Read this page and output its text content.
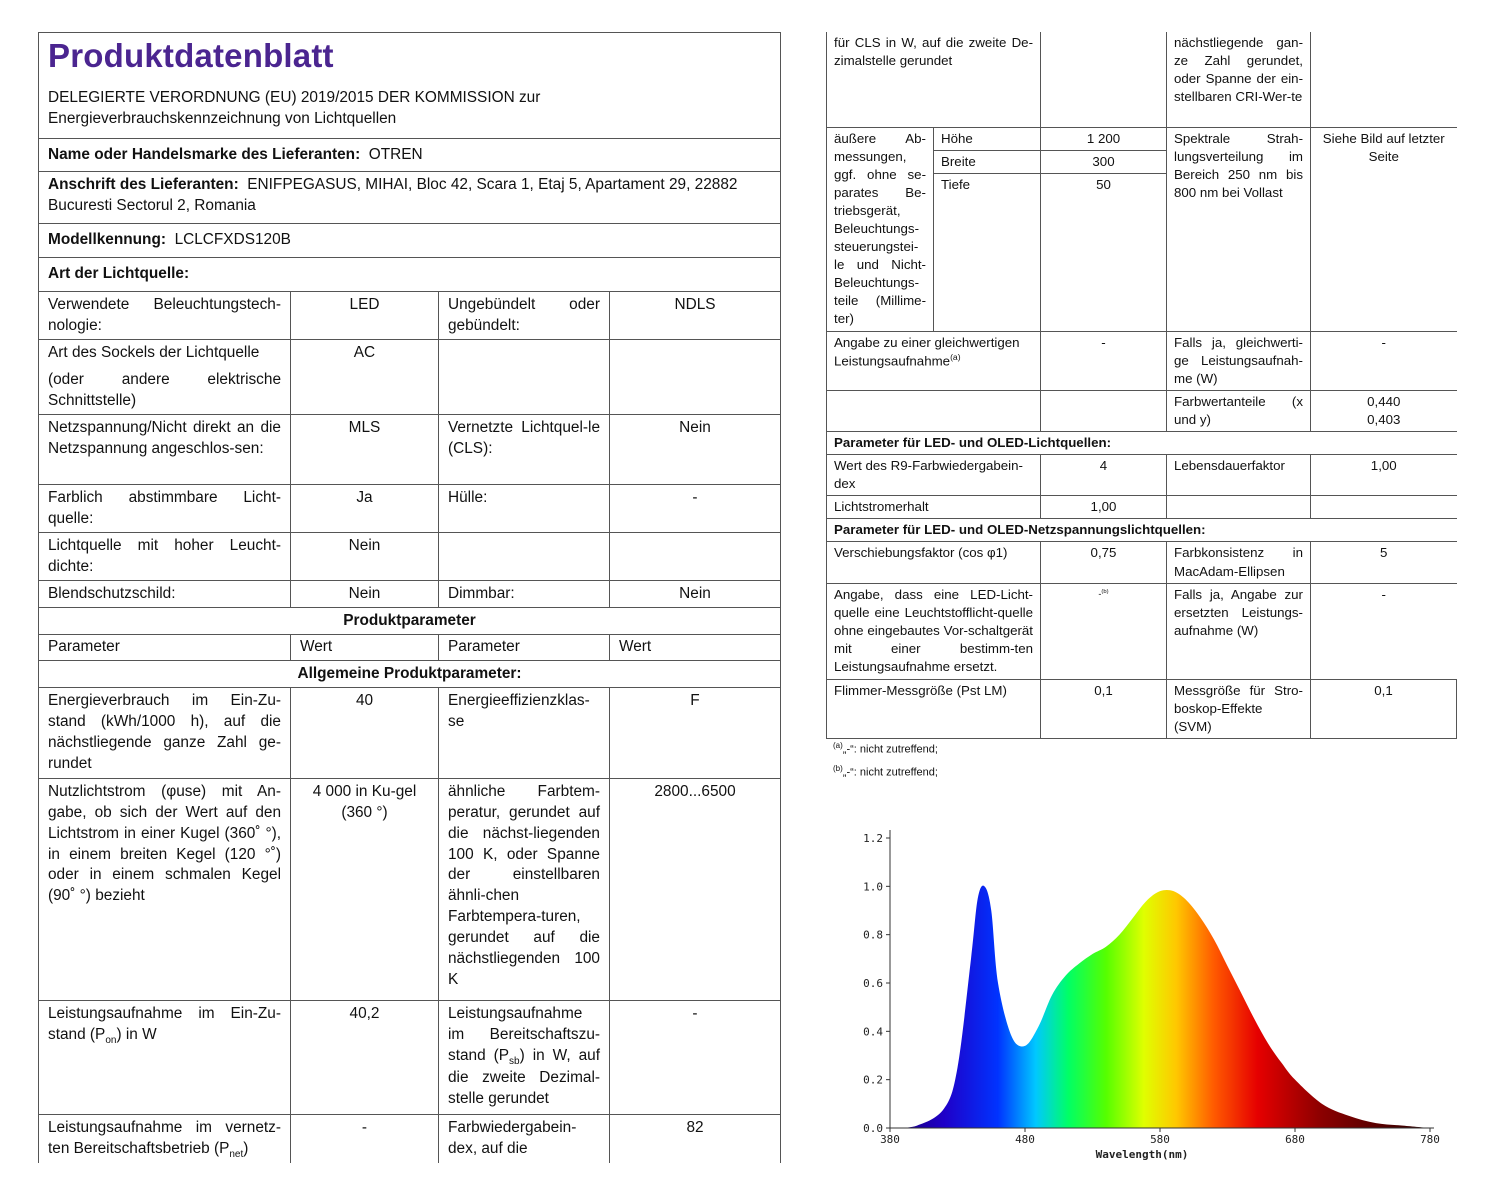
Produktdatenblatt
DELEGIERTE VERORDNUNG (EU) 2019/2015 DER KOMMISSION zur Energieverbrauchskennzeichnung von Lichtquellen			

Name oder Handelsmarke des Lieferanten: OTREN			
Anschrift des Lieferanten: ENIFPEGASUS, MIHAI, Bloc 42, Scara 1, Etaj 5, Apartament 29, 22882 Bucuresti Sectorul 2, Romania			
Modellkennung: LCLCFXDS120B			
Art der Lichtquelle:			
Verwendete Beleuchtungstech-nologie:	LED	Ungebündelt oder gebündelt:	NDLS

Art des Sockels der Lichtquelle
(oder andere elektrische Schnittstelle)	AC		
Netzspannung/Nicht direkt an die Netzspannung angeschlos-sen:	MLS	Vernetzte Lichtquel-le (CLS):	Nein
Farblich abstimmbare Licht-quelle:	Ja	Hülle:	-
Lichtquelle mit hoher Leucht-dichte:	Nein		
Blendschutzschild:	Nein	Dimmbar:	Nein
Produktparameter			
Parameter	Wert	Parameter	Wert
Allgemeine Produktparameter:			
Energieverbrauch im Ein-Zu-stand (kWh/1000 h), auf die nächstliegende ganze Zahl ge-rundet	40	Energieeffizienzklas-se	F
Nutzlichtstrom (φuse) mit An-gabe, ob sich der Wert auf den Lichtstrom in einer Kugel (360˚ °), in einem breiten Kegel (120 °˚) oder in einem schmalen Kegel (90˚ °) bezieht	4 000 in Ku-gel (360 °)	ähnliche Farbtem-peratur, gerundet auf die nächst-liegenden 100 K, oder Spanne der einstellbaren ähnli-chen Farbtempera-turen, gerundet auf die nächstliegenden 100 K	2800...6500
Leistungsaufnahme im Ein-Zu-stand $(P_{on})$ in W	40,2	Leistungsaufnahme im Bereitschaftszu-stand $(P_{sb})$ in W, auf die zweite Dezimal-stelle gerundet	-
Leistungsaufnahme im vernetz-ten Bereitschaftsbetrieb $(P_{net})$	-	Farbwiedergabein-dex, auf die	82
für CLS in W, auf die zweite De-zimalstelle gerundet			nächstliegende gan-ze Zahl gerundet, oder Spanne der ein-stellbaren CRI-Wer-te	
äußere Ab-messungen, ggf. ohne se-parates Be-triebsgerät, Beleuchtungs-steuerungstei-le und Nicht-Beleuchtungs-teile (Millime-ter)	Höhe	1 200	Spektrale Strah-lungsverteilung im Bereich 250 nm bis 800 nm bei Vollast	Siehe Bild auf letzter Seite
	Breite	300		
	Tiefe	50		
Angabe zu einer gleichwertigen Leistungsaufnahme$^{(a)}$		-	Falls ja, gleichwerti-ge Leistungsaufnah-me (W)	-
			Farbwertanteile (x und y)	0,440
0,403

Parameter für LED- und OLED-Lichtquellen:				
Wert des R9-Farbwiedergabein-dex		4	Lebensdauerfaktor	1,00
Lichtstromerhalt		1,00		
Parameter für LED- und OLED-Netzspannungslichtquellen:				
Verschiebungsfaktor (cos φ1)		0,75	Farbkonsistenz in MacAdam-Ellipsen	5
Angabe, dass eine LED-Licht-quelle eine Leuchtstofflicht-quelle ohne eingebautes Vor-schaltgerät mit einer bestimm-ten Leistungsaufnahme ersetzt.		-$^{(b)}$	Falls ja, Angabe zur ersetzten Leistungs-aufnahme (W)	-
Flimmer-Messgröße (Pst LM)		0,1	Messgröße für Stro-boskop-Effekte (SVM)	0,1
$^{(a)}$„-“: nicht zutreffend;
$^{(b)}$„-“: nicht zutreffend;
0.0
0.2
0.4
0.6
0.8
1.0
1.2
380	480	580	680	780
Wavelength(nm)
